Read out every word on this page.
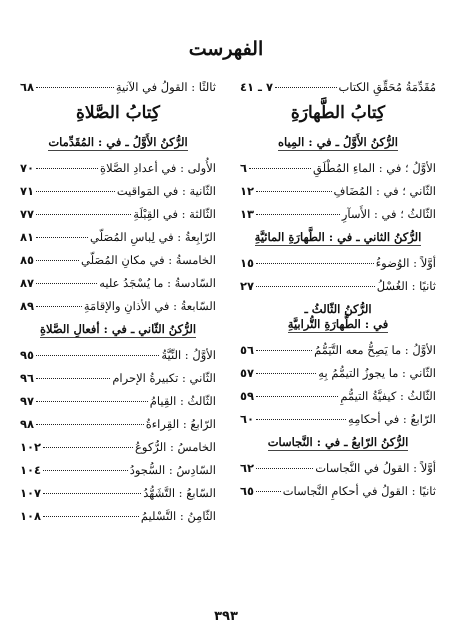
الفهرست
مُقَدِّمَةُ مُحَقِّقِ الكتاب
٧ ـ ٤١
كِتابُ الطَّهارَةِ
الرُّكنُ الأَوَّلُ ـ في : المِياه
الأوَّلُ ؛ في : الماءِ المُطْلَقِ
٦
الثّاني ؛ في : المُضَافِ
١٢
الثّالثُ ؛ في : الأَسآرِ
١٣
الرُّكنُ الثاني ـ في : الطَّهارَةِ المائيَّةِ
أوَّلاً : الوُضوءُ
١٥
ثانيًا : الغُسْلُ
٢٧
الرُّكنُ الثّالثُ ـ
في : الطَّهارَةِ التُّرابيَّةِ
الأوَّلُ : ما يَصِحُّ معه التَّيَمُّمُ
٥٦
الثّاني : ما يجوزُ التيمُّمُ بِهِ
٥٧
الثّالثُ : كيفيَّةُ التيمُّمِ
٥٩
الرّابعُ : في أحكامِهِ
٦٠
الرُّكنُ الرّابعُ ـ في : النَّجاسات
أوَّلاً : القولُ في النَّجاسات
٦٢
ثانيًا : القولُ في أحكامِ النَّجاسات
٦٥
ثالثًا : القولُ في الآنيةِ
٦٨
كِتابُ الصَّلاةِ
الرُّكنُ الأَوَّلُ ـ في : المُقَدِّمات
الأُولى : في أعدادِ الصَّلاةِ
٧٠
الثّانية : في المَواقيت
٧١
الثّالثة : في القِبْلَةِ
٧٧
الرّابِعةُ : في لِباسِ المُصَلّي
٨١
الخامسةُ : في مكانِ المُصَلّي
٨٥
السّادسةُ : ما يُسْجَدُ عليه
٨٧
السّابعةُ : في الأذانِ والإقامَةِ
٨٩
الرُّكنُ الثّاني ـ في : أفعالِ الصَّلاةِ
الأوَّلُ : النِّيَّةُ
٩٥
الثّاني : تكبيرةُ الإحرام
٩٦
الثّالثُ : القِيامُ
٩٧
الرّابعُ : القِراءةُ
٩٨
الخامسُ : الرُّكوعُ
١٠٢
السّادِسُ : السُّجودُ
١٠٤
السّابعُ : التَّشَهُّدُ
١٠٧
الثّامِنُ : التَّسْليمُ
١٠٨
٣٩٣
